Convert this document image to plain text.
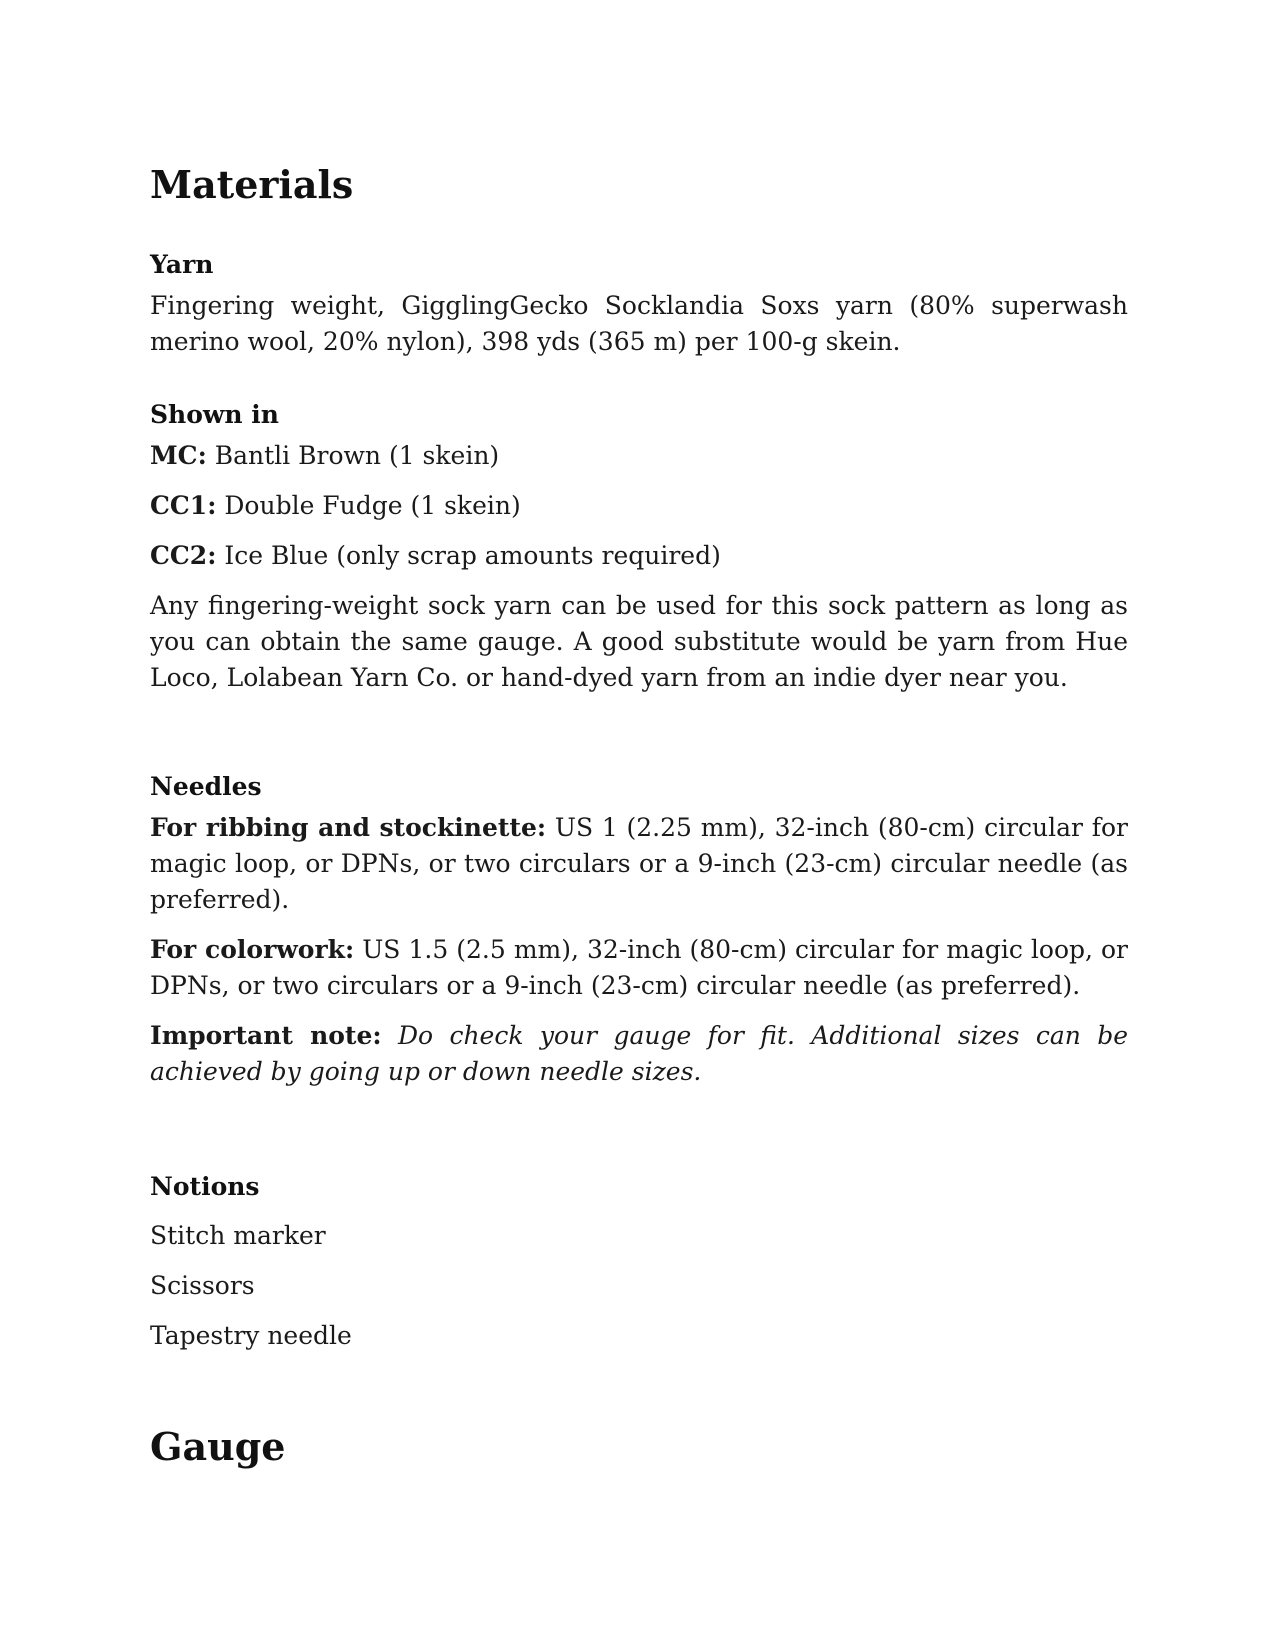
Materials
Yarn

Fingering weight, GigglingGecko Socklandia Soxs yarn (80% superwash merino wool, 20% nylon), 398 yds (365 m) per 100-g skein.

Shown in

MC: Bantli Brown (1 skein)

CC1: Double Fudge (1 skein)

CC2: Ice Blue (only scrap amounts required)

Any fingering-weight sock yarn can be used for this sock pattern as long as you can obtain the same gauge. A good substitute would be yarn from Hue Loco, Lolabean Yarn Co. or hand-dyed yarn from an indie dyer near you.

Needles

For ribbing and stockinette: US 1 (2.25 mm), 32-inch (80-cm) circular for magic loop, or DPNs, or two circulars or a 9-inch (23-cm) circular needle (as preferred).

For colorwork: US 1.5 (2.5 mm), 32-inch (80-cm) circular for magic loop, or DPNs, or two circulars or a 9-inch (23-cm) circular needle (as preferred).

Important note: Do check your gauge for fit. Additional sizes can be achieved by going up or down needle sizes.

Notions

Stitch marker

Scissors

Tapestry needle

Gauge
